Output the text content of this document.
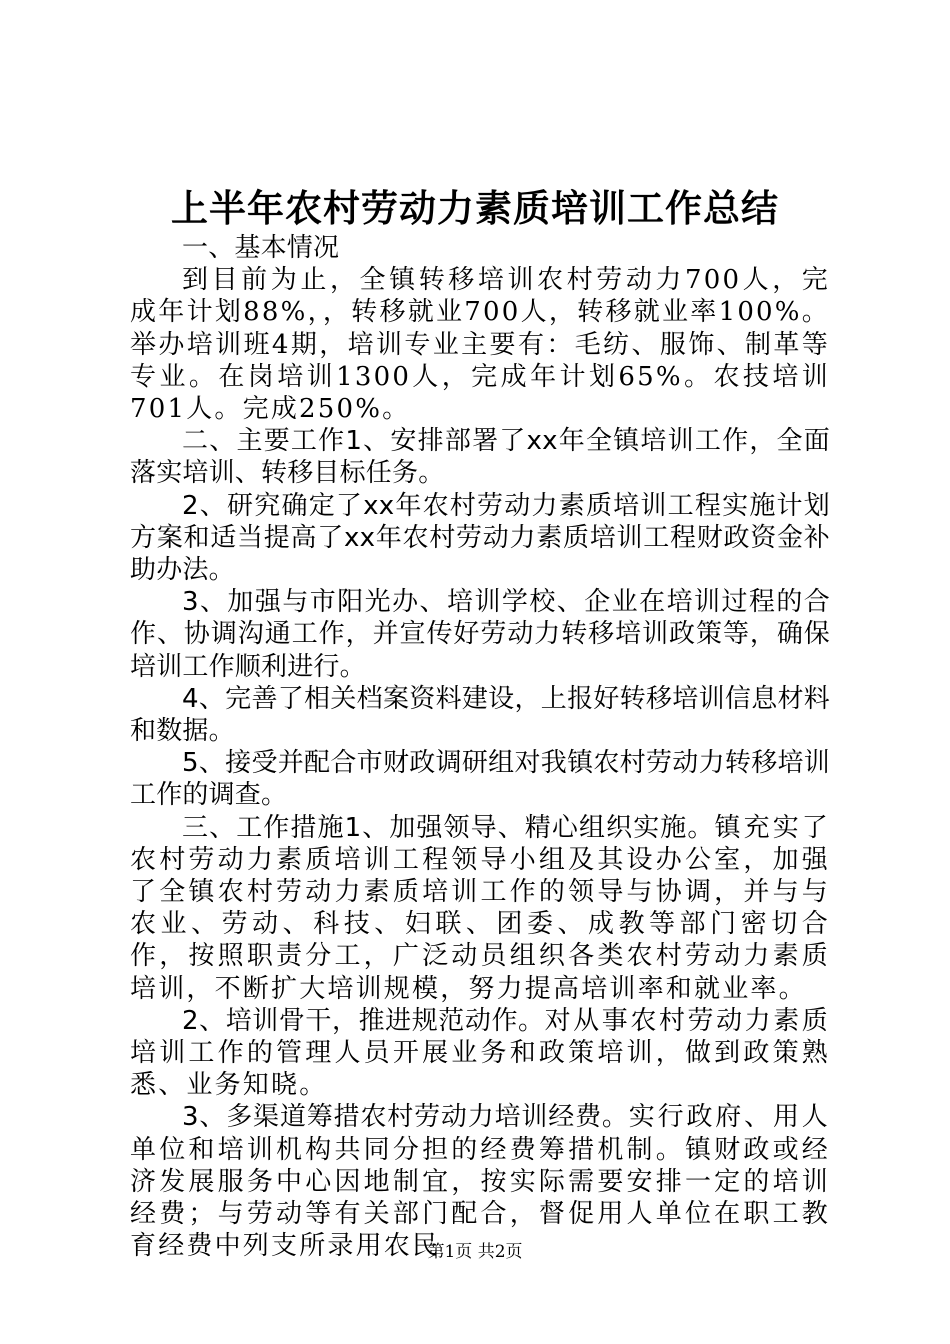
上半年农村劳动力素质培训工作总结

一、基本情况

到目前为止，全镇转移培训农村劳动力700人，完成年计划88%，，转移就业700人，转移就业率100%。举办培训班4期，培训专业主要有：毛纺、服饰、制革等专业。在岗培训1300人，完成年计划65%。农技培训701人。完成250%。

二、主要工作1、安排部署了xx年全镇培训工作，全面落实培训、转移目标任务。

2、研究确定了xx年农村劳动力素质培训工程实施计划方案和适当提高了xx年农村劳动力素质培训工程财政资金补助办法。

3、加强与市阳光办、培训学校、企业在培训过程的合作、协调沟通工作，并宣传好劳动力转移培训政策等，确保培训工作顺利进行。

4、完善了相关档案资料建设，上报好转移培训信息材料和数据。

5、接受并配合市财政调研组对我镇农村劳动力转移培训工作的调查。

三、工作措施1、加强领导、精心组织实施。镇充实了农村劳动力素质培训工程领导小组及其设办公室，加强了全镇农村劳动力素质培训工作的领导与协调，并与与农业、劳动、科技、妇联、团委、成教等部门密切合作，按照职责分工，广泛动员组织各类农村劳动力素质培训，不断扩大培训规模，努力提高培训率和就业率。

2、培训骨干，推进规范动作。对从事农村劳动力素质培训工作的管理人员开展业务和政策培训，做到政策熟悉、业务知晓。

3、多渠道筹措农村劳动力培训经费。实行政府、用人单位和培训机构共同分担的经费筹措机制。镇财政或经济发展服务中心因地制宜，按实际需要安排一定的培训经费；与劳动等有关部门配合，督促用人单位在职工教育经费中列支所录用农民

第1页 共2页
